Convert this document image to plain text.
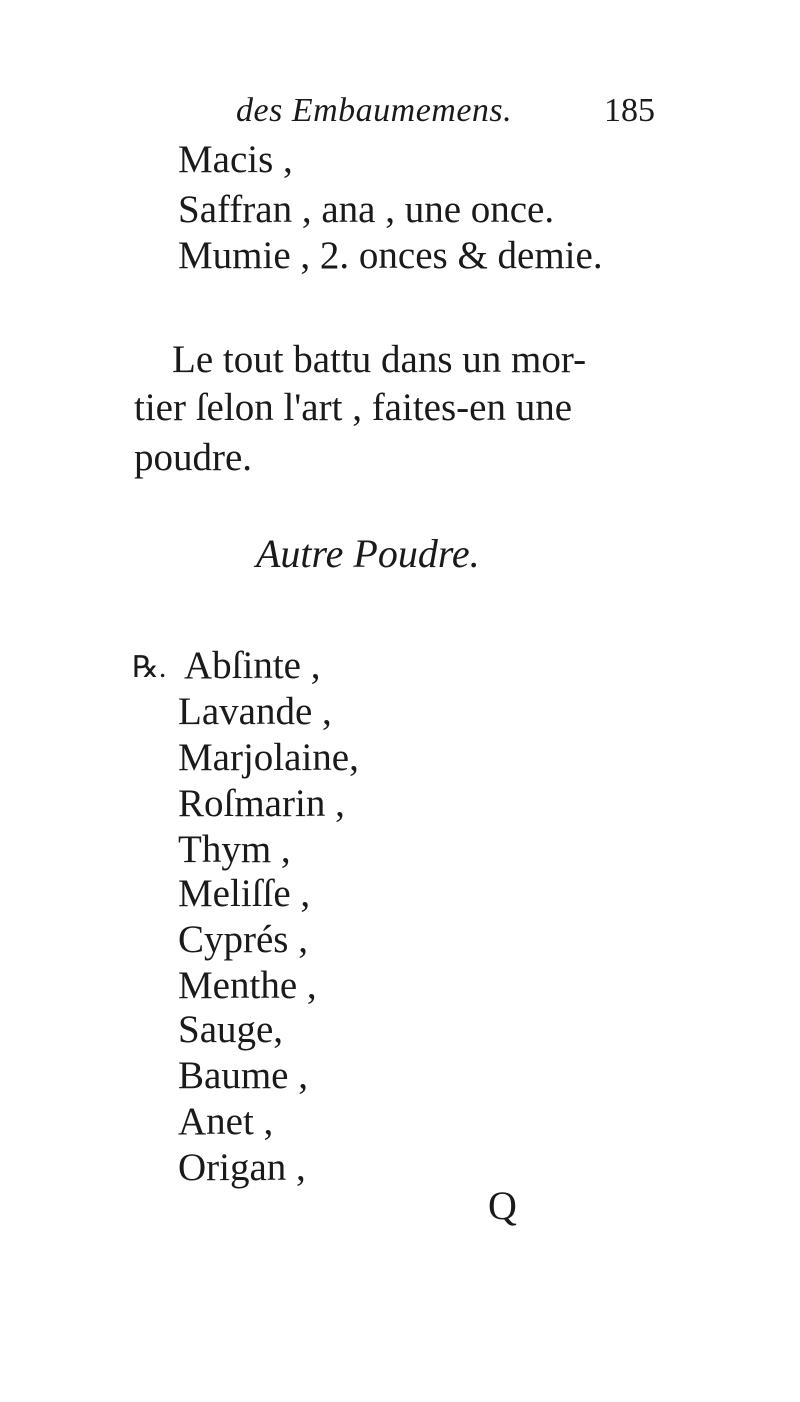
des Embaumemens.	185
Macis ,
Saffran , ana , une once.
Mumie , 2. onces & demie.
Le tout battu dans un mor-
tier ſelon l'art , faites-en une
poudre.
Autre Poudre.
℞. Abſinte ,
Lavande ,
Marjolaine,
Roſmarin ,
Thym ,
Meliſſe ,
Cyprés ,
Menthe ,
Sauge,
Baume ,
Anet ,
Origan ,
Q
